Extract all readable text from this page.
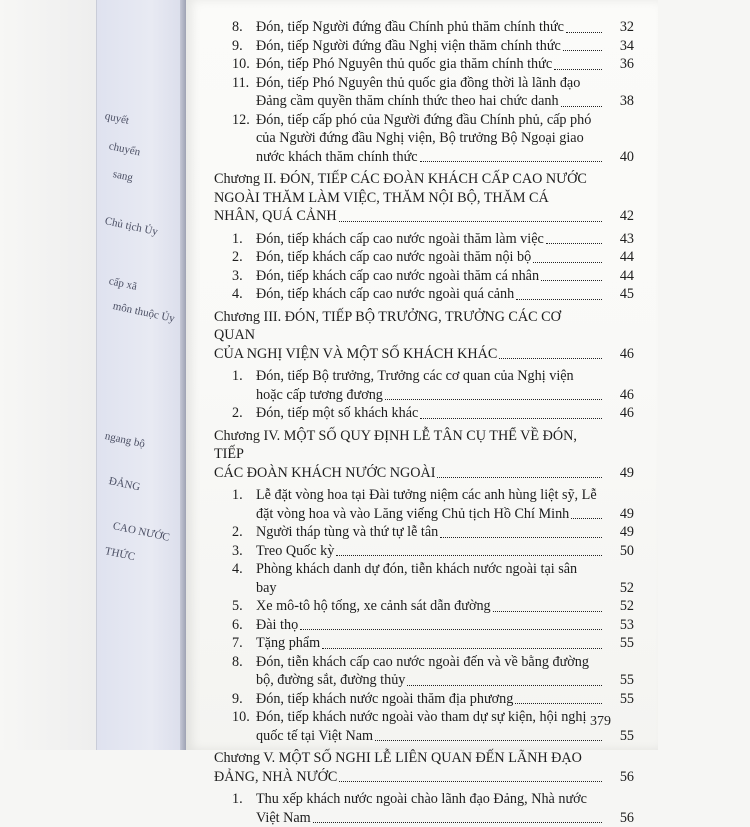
quyết
chuyển
sang
Chủ tịch Ủy
cấp xã
môn thuộc Ủy
ngang bộ
ĐẢNG
CAO NƯỚC
THỨC
8. Đón, tiếp Người đứng đầu Chính phủ thăm chính thức	32
9. Đón, tiếp Người đứng đầu Nghị viện thăm chính thức	34
10. Đón, tiếp Phó Nguyên thủ quốc gia thăm chính thức	36
11. Đón, tiếp Phó Nguyên thủ quốc gia đồng thời là lãnh đạo
Đảng cầm quyền thăm chính thức theo hai chức danh	38
12. Đón, tiếp cấp phó của Người đứng đầu Chính phủ, cấp phó
của Người đứng đầu Nghị viện, Bộ trưởng Bộ Ngoại giao
nước khách thăm chính thức	40
Chương II. ĐÓN, TIẾP CÁC ĐOÀN KHÁCH CẤP CAO NƯỚC
NGOÀI THĂM LÀM VIỆC, THĂM NỘI BỘ, THĂM CÁ
NHÂN, QUÁ CẢNH	42
1. Đón, tiếp khách cấp cao nước ngoài thăm làm việc	43
2. Đón, tiếp khách cấp cao nước ngoài thăm nội bộ	44
3. Đón, tiếp khách cấp cao nước ngoài thăm cá nhân	44
4. Đón, tiếp khách cấp cao nước ngoài quá cảnh	45
Chương III. ĐÓN, TIẾP BỘ TRƯỞNG, TRƯỞNG CÁC CƠ QUAN
CỦA NGHỊ VIỆN VÀ MỘT SỐ KHÁCH KHÁC	46
1. Đón, tiếp Bộ trưởng, Trưởng các cơ quan của Nghị viện
hoặc cấp tương đương	46
2. Đón, tiếp một số khách khác	46
Chương IV. MỘT SỐ QUY ĐỊNH LỄ TÂN CỤ THỂ VỀ ĐÓN, TIẾP
CÁC ĐOÀN KHÁCH NƯỚC NGOÀI	49
1. Lễ đặt vòng hoa tại Đài tưởng niệm các anh hùng liệt sỹ, Lễ
đặt vòng hoa và vào Lăng viếng Chủ tịch Hồ Chí Minh	49
2. Người tháp tùng và thứ tự lễ tân	49
3. Treo Quốc kỳ	50
4. Phòng khách danh dự đón, tiễn khách nước ngoài tại sân bay	52
5. Xe mô-tô hộ tống, xe cảnh sát dẫn đường	52
6. Đài thọ	53
7. Tặng phẩm	55
8. Đón, tiễn khách cấp cao nước ngoài đến và về bằng đường
bộ, đường sắt, đường thủy	55
9. Đón, tiếp khách nước ngoài thăm địa phương	55
10. Đón, tiếp khách nước ngoài vào tham dự sự kiện, hội nghị
quốc tế tại Việt Nam	55
Chương V. MỘT SỐ NGHI LỄ LIÊN QUAN ĐẾN LÃNH ĐẠO
ĐẢNG, NHÀ NƯỚC	56
1. Thu xếp khách nước ngoài chào lãnh đạo Đảng, Nhà nước
Việt Nam	56
379
